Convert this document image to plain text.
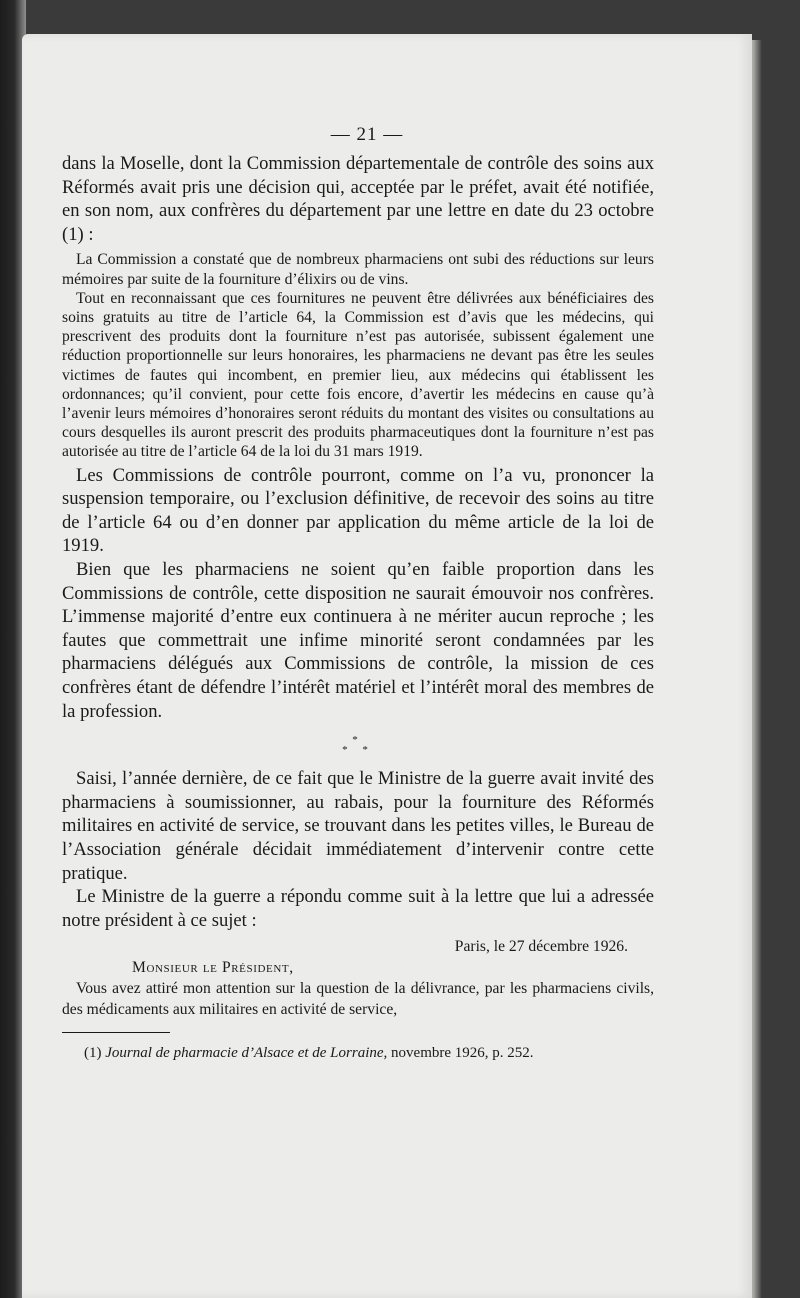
— 21 —

dans la Moselle, dont la Commission départementale de contrôle des soins aux Réformés avait pris une décision qui, acceptée par le préfet, avait été notifiée, en son nom, aux confrères du département par une lettre en date du 23 octobre (1) :

La Commission a constaté que de nombreux pharmaciens ont subi des réductions sur leurs mémoires par suite de la fourniture d’élixirs ou de vins.

Tout en reconnaissant que ces fournitures ne peuvent être délivrées aux bénéficiaires des soins gratuits au titre de l’article 64, la Commission est d’avis que les médecins, qui prescrivent des produits dont la fourniture n’est pas autorisée, subissent également une réduction proportionnelle sur leurs honoraires, les pharmaciens ne devant pas être les seules victimes de fautes qui incombent, en premier lieu, aux médecins qui établissent les ordonnances; qu’il convient, pour cette fois encore, d’avertir les médecins en cause qu’à l’avenir leurs mémoires d’honoraires seront réduits du montant des visites ou consultations au cours desquelles ils auront prescrit des produits pharmaceutiques dont la fourniture n’est pas autorisée au titre de l’article 64 de la loi du 31 mars 1919.

Les Commissions de contrôle pourront, comme on l’a vu, prononcer la suspension temporaire, ou l’exclusion définitive, de recevoir des soins au titre de l’article 64 ou d’en donner par application du même article de la loi de 1919.

Bien que les pharmaciens ne soient qu’en faible proportion dans les Commissions de contrôle, cette disposition ne saurait émouvoir nos confrères. L’immense majorité d’entre eux continuera à ne mériter aucun reproche ; les fautes que commettrait une infime minorité seront condamnées par les pharmaciens délégués aux Commissions de contrôle, la mission de ces confrères étant de défendre l’intérêt matériel et l’intérêt moral des membres de la profession.

*
* *

Saisi, l’année dernière, de ce fait que le Ministre de la guerre avait invité des pharmaciens à soumissionner, au rabais, pour la fourniture des Réformés militaires en activité de service, se trouvant dans les petites villes, le Bureau de l’Association générale décidait immédiatement d’intervenir contre cette pratique.

Le Ministre de la guerre a répondu comme suit à la lettre que lui a adressée notre président à ce sujet :

Paris, le 27 décembre 1926.
Monsieur le Président,

Vous avez attiré mon attention sur la question de la délivrance, par les pharmaciens civils, des médicaments aux militaires en activité de service,

(1) Journal de pharmacie d’Alsace et de Lorraine, novembre 1926, p. 252.
